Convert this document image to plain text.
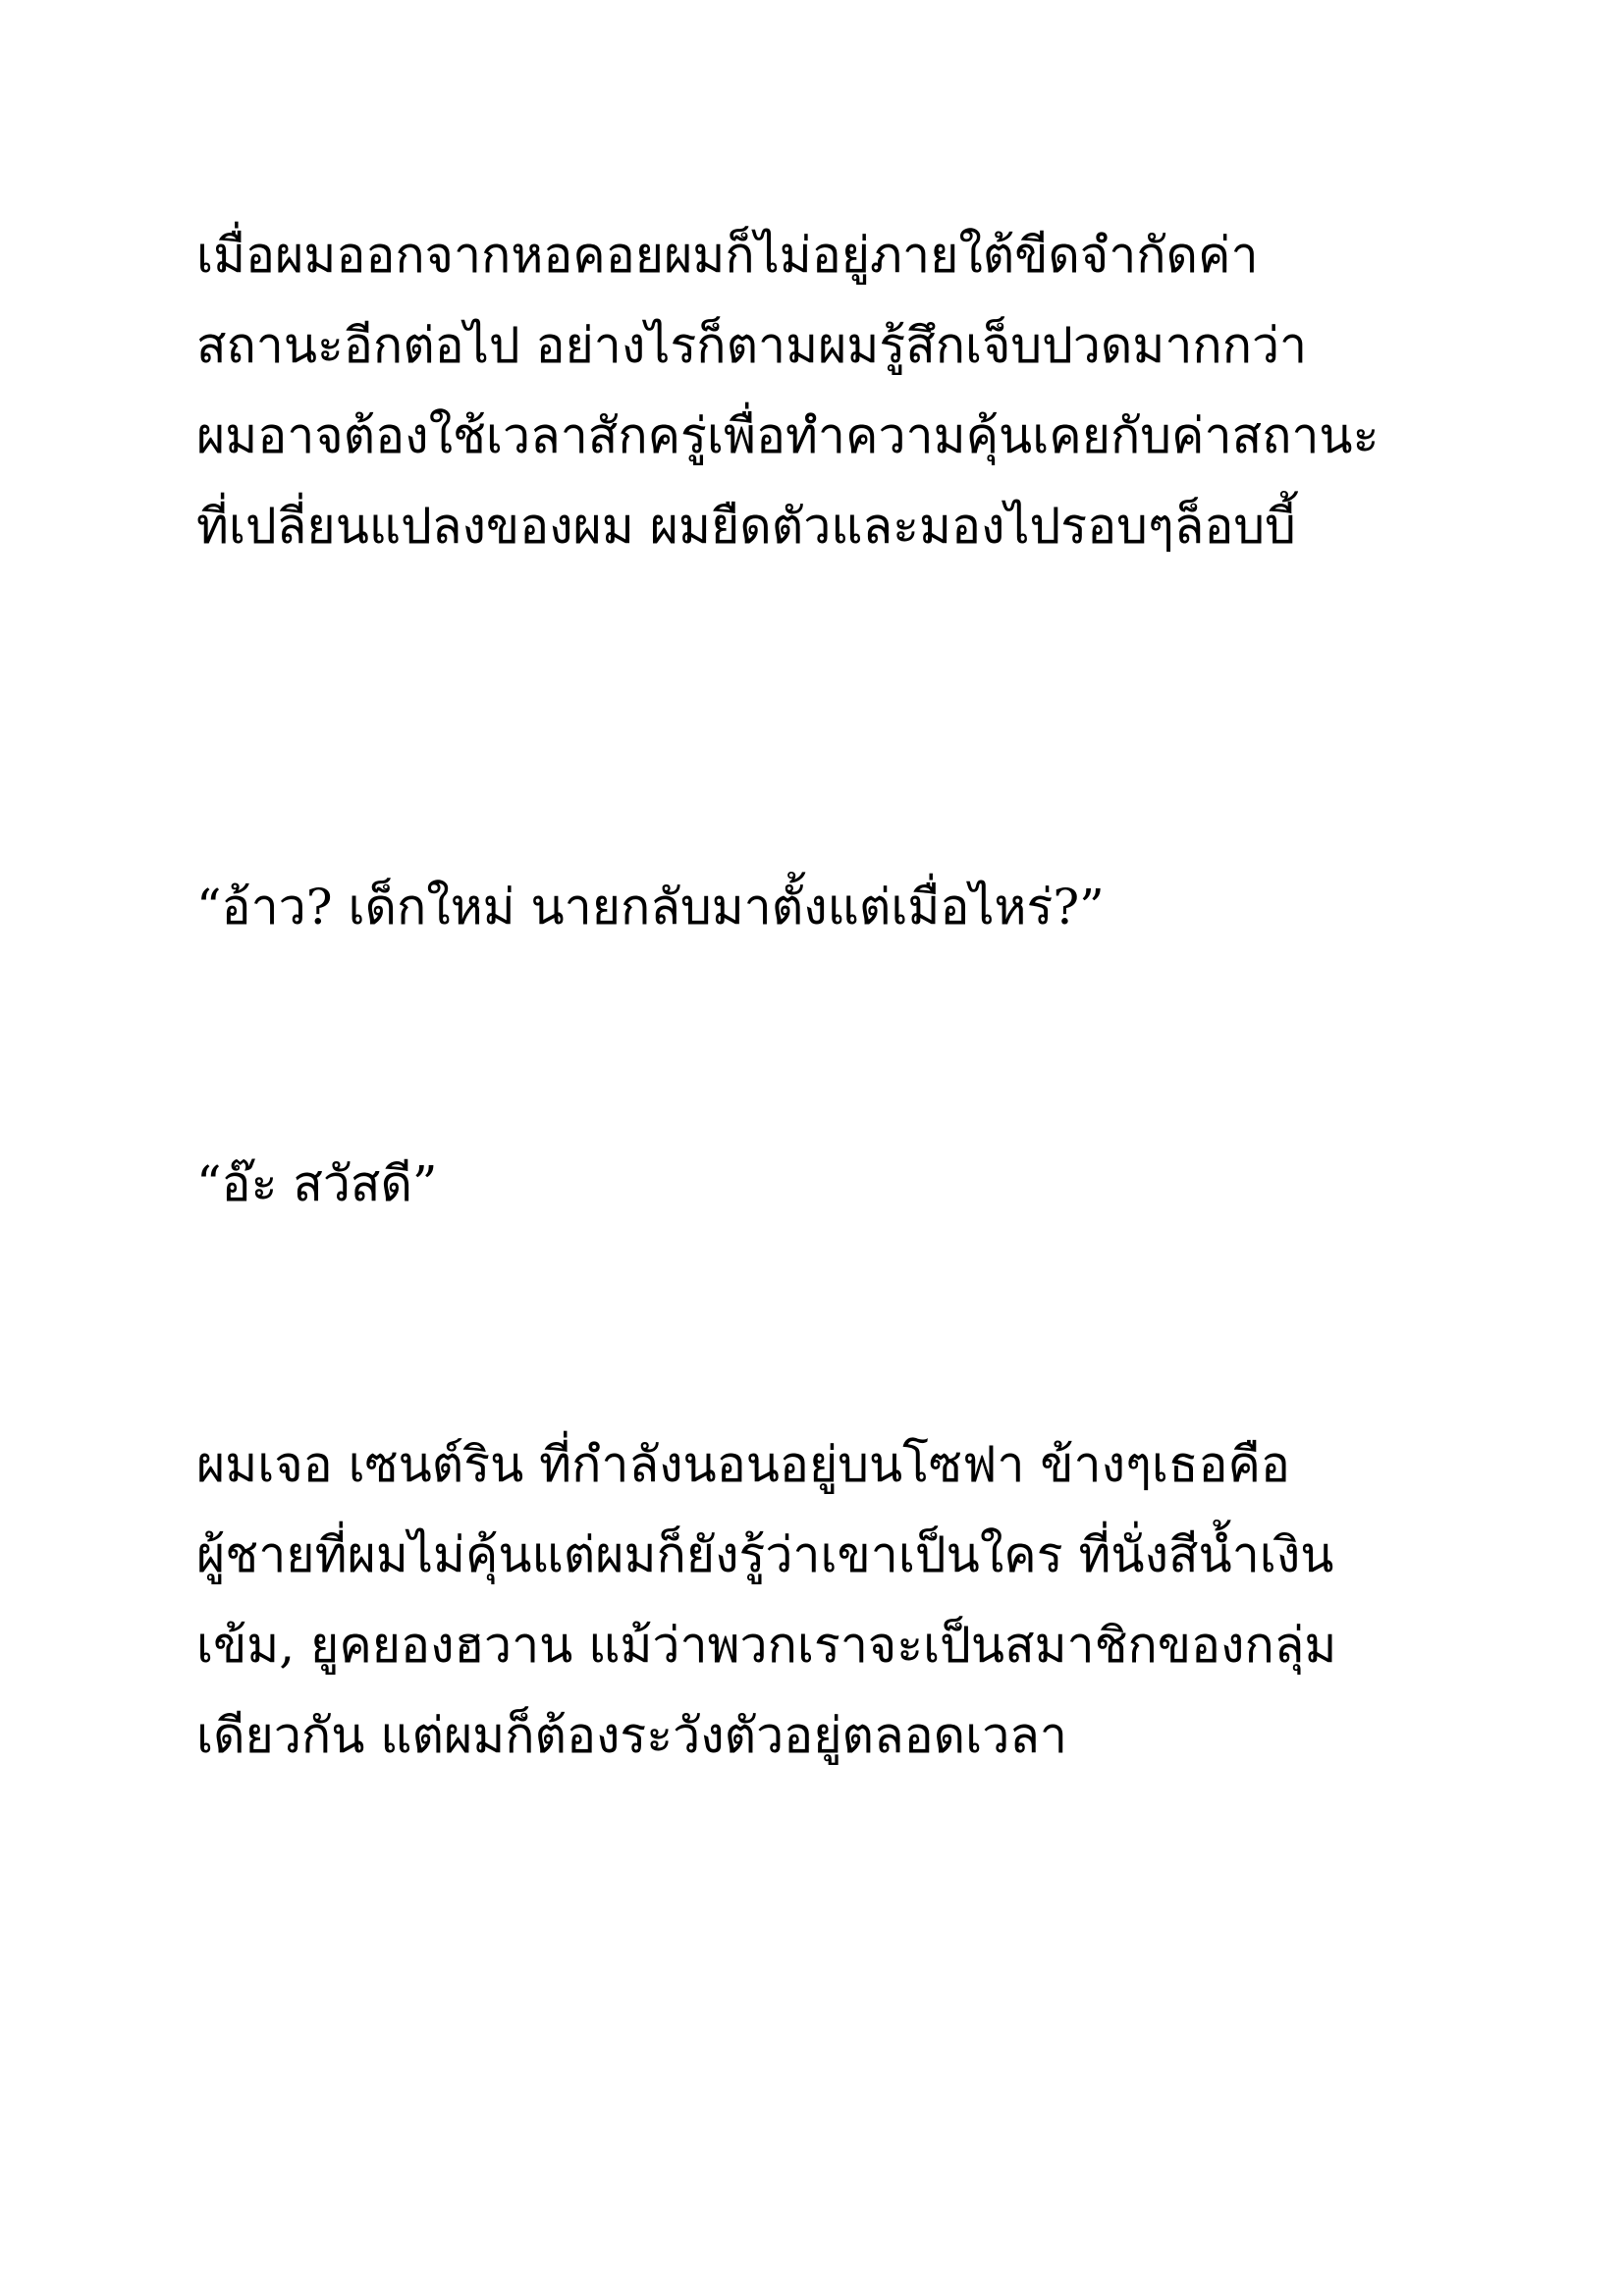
เมื่อผมออกจากหอคอยผมก็ไม่อยู่ภายใต้ขีดจำกัดค่า
สถานะอีกต่อไป อย่างไรก็ตามผมรู้สึกเจ็บปวดมากกว่า
ผมอาจต้องใช้เวลาสักครู่เพื่อทำความคุ้นเคยกับค่าสถานะ
ที่เปลี่ยนแปลงของผม ผมยืดตัวและมองไปรอบๆล็อบบี้
“อ้าว? เด็กใหม่ นายกลับมาตั้งแต่เมื่อไหร่?”
“อ๊ะ สวัสดี”
ผมเจอ เซนต์ริน ที่กำลังนอนอยู่บนโซฟา ข้างๆเธอคือ
ผู้ชายที่ผมไม่คุ้นแต่ผมก็ยังรู้ว่าเขาเป็นใคร ที่นั่งสีน้ำเงิน
เข้ม, ยูคยองฮวาน แม้ว่าพวกเราจะเป็นสมาชิกของกลุ่ม
เดียวกัน แต่ผมก็ต้องระวังตัวอยู่ตลอดเวลา
